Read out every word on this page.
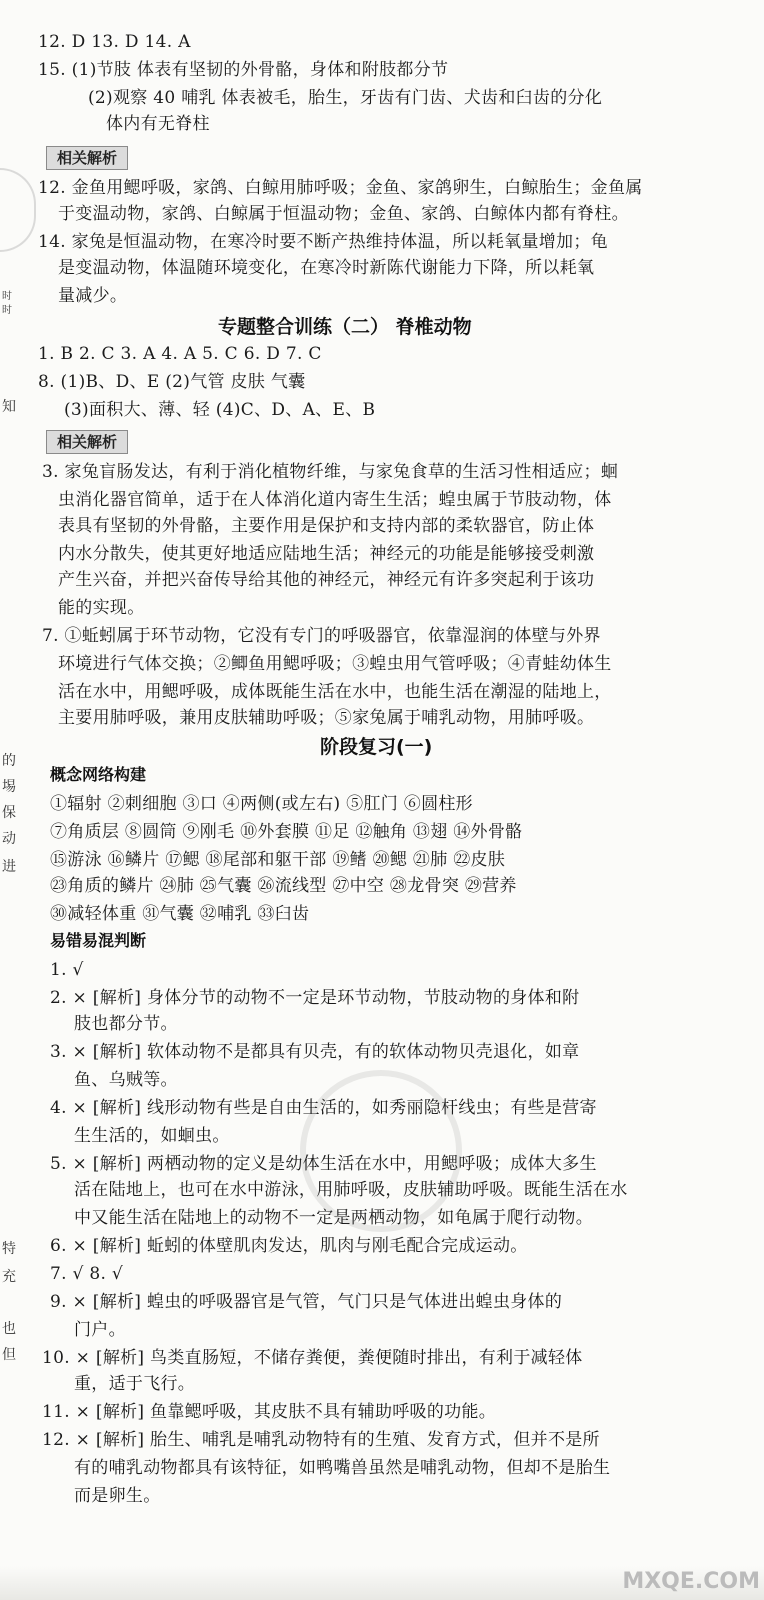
时
时
知
的
埸
保
动
进
特
充
也
但
12. D 13. D 14. A
15. (1)节肢 体表有坚韧的外骨骼，身体和附肢都分节
(2)观察 40 哺乳 体表被毛，胎生，牙齿有门齿、犬齿和臼齿的分化
体内有无脊柱
相关解析
12. 金鱼用鳃呼吸，家鸽、白鲸用肺呼吸；金鱼、家鸽卵生，白鲸胎生；金鱼属
于变温动物，家鸽、白鲸属于恒温动物；金鱼、家鸽、白鲸体内都有脊柱。
14. 家兔是恒温动物，在寒冷时要不断产热维持体温，所以耗氧量增加；龟
是变温动物，体温随环境变化，在寒冷时新陈代谢能力下降，所以耗氧
量减少。
专题整合训练（二） 脊椎动物
1. B 2. C 3. A 4. A 5. C 6. D 7. C
8. (1)B、D、E (2)气管 皮肤 气囊
(3)面积大、薄、轻 (4)C、D、A、E、B
相关解析
3. 家兔盲肠发达，有利于消化植物纤维，与家兔食草的生活习性相适应；蛔
虫消化器官简单，适于在人体消化道内寄生生活；蝗虫属于节肢动物，体
表具有坚韧的外骨骼，主要作用是保护和支持内部的柔软器官，防止体
内水分散失，使其更好地适应陆地生活；神经元的功能是能够接受刺激
产生兴奋，并把兴奋传导给其他的神经元，神经元有许多突起利于该功
能的实现。
7. ①蚯蚓属于环节动物，它没有专门的呼吸器官，依靠湿润的体壁与外界
环境进行气体交换；②鲫鱼用鳃呼吸；③蝗虫用气管呼吸；④青蛙幼体生
活在水中，用鳃呼吸，成体既能生活在水中，也能生活在潮湿的陆地上，
主要用肺呼吸，兼用皮肤辅助呼吸；⑤家兔属于哺乳动物，用肺呼吸。
阶段复习(一)
概念网络构建
①辐射 ②刺细胞 ③口 ④两侧(或左右) ⑤肛门 ⑥圆柱形
⑦角质层 ⑧圆筒 ⑨刚毛 ⑩外套膜 ⑪足 ⑫触角 ⑬翅 ⑭外骨骼
⑮游泳 ⑯鳞片 ⑰鳃 ⑱尾部和躯干部 ⑲鳍 ⑳鳃 ㉑肺 ㉒皮肤
㉓角质的鳞片 ㉔肺 ㉕气囊 ㉖流线型 ㉗中空 ㉘龙骨突 ㉙营养
㉚减轻体重 ㉛气囊 ㉜哺乳 ㉝臼齿
易错易混判断
1. √
2. × [解析] 身体分节的动物不一定是环节动物，节肢动物的身体和附
肢也都分节。
3. × [解析] 软体动物不是都具有贝壳，有的软体动物贝壳退化，如章
鱼、乌贼等。
4. × [解析] 线形动物有些是自由生活的，如秀丽隐杆线虫；有些是营寄
生生活的，如蛔虫。
5. × [解析] 两栖动物的定义是幼体生活在水中，用鳃呼吸；成体大多生
活在陆地上，也可在水中游泳，用肺呼吸，皮肤辅助呼吸。既能生活在水
中又能生活在陆地上的动物不一定是两栖动物，如龟属于爬行动物。
6. × [解析] 蚯蚓的体壁肌肉发达，肌肉与刚毛配合完成运动。
7. √ 8. √
9. × [解析] 蝗虫的呼吸器官是气管，气门只是气体进出蝗虫身体的
门户。
10. × [解析] 鸟类直肠短，不储存粪便，粪便随时排出，有利于减轻体
重，适于飞行。
11. × [解析] 鱼靠鳃呼吸，其皮肤不具有辅助呼吸的功能。
12. × [解析] 胎生、哺乳是哺乳动物特有的生殖、发育方式，但并不是所
有的哺乳动物都具有该特征，如鸭嘴兽虽然是哺乳动物，但却不是胎生
而是卵生。
MXQE.COM
